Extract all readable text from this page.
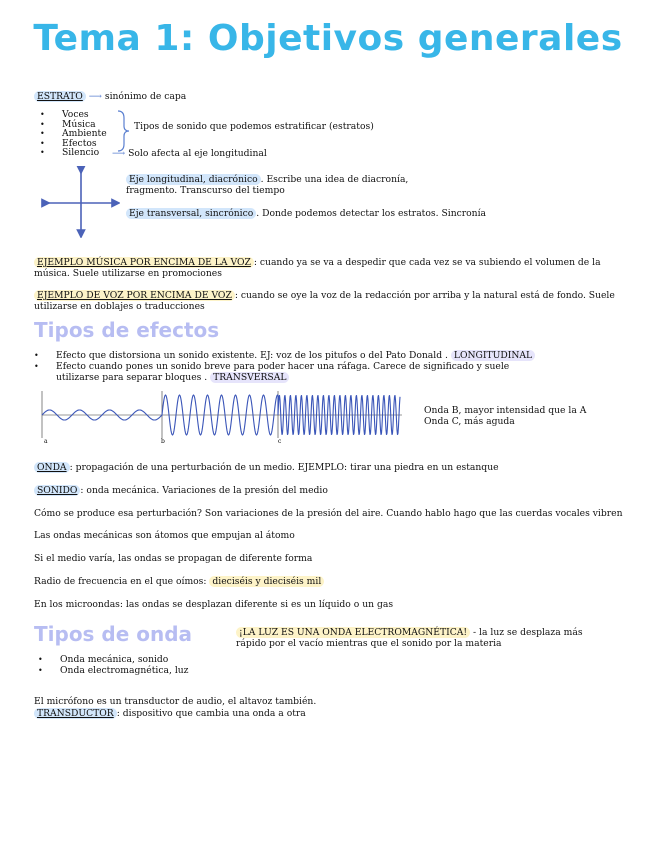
Tema 1: Objetivos generales
ESTRATO ⟶ sinónimo de capa
• Voces
• Música
• Ambiente
• Efectos
• Silencio
Tipos de sonido que podemos estratificar (estratos)
⟶ Solo afecta al eje longitudinal
Eje longitudinal, diacrónico . Escribe una idea de diacronía, fragmento. Transcurso del tiempo
Eje transversal, sincrónico . Donde podemos detectar los estratos. Sincronía
EJEMPLO MÚSICA POR ENCIMA DE LA VOZ : cuando ya se va a despedir que cada vez se va subiendo el volumen de la música. Suele utilizarse en promociones
EJEMPLO DE VOZ POR ENCIMA DE VOZ : cuando se oye la voz de la redacción por arriba y la natural está de fondo. Suele utilizarse en doblajes o traducciones
Tipos de efectos
• Efecto que distorsiona un sonido existente. EJ: voz de los pitufos o del Pato Donald . LONGITUDINAL
• Efecto cuando pones un sonido breve para poder hacer una ráfaga. Carece de significado y suele utilizarse para separar bloques . TRANSVERSAL
a	b	c
Onda B, mayor intensidad que la A
Onda C, más aguda
ONDA : propagación de una perturbación de un medio. EJEMPLO: tirar una piedra en un estanque
SONIDO : onda mecánica. Variaciones de la presión del medio
Cómo se produce esa perturbación? Son variaciones de la presión del aire. Cuando hablo hago que las cuerdas vocales vibren
Las ondas mecánicas son átomos que empujan al átomo
Si el medio varía, las ondas se propagan de diferente forma
Radio de frecuencia en el que oímos: dieciséis y dieciséis mil
En los microondas: las ondas se desplazan diferente si es un líquido o un gas
Tipos de onda	¡LA LUZ ES UNA ONDA ELECTROMAGNÉTICA! - la luz se desplaza más rápido por el vacío mientras que el sonido por la materia
• Onda mecánica, sonido
• Onda electromagnética, luz
El micrófono es un transductor de audio, el altavoz también.
TRANSDUCTOR : dispositivo que cambia una onda a otra
